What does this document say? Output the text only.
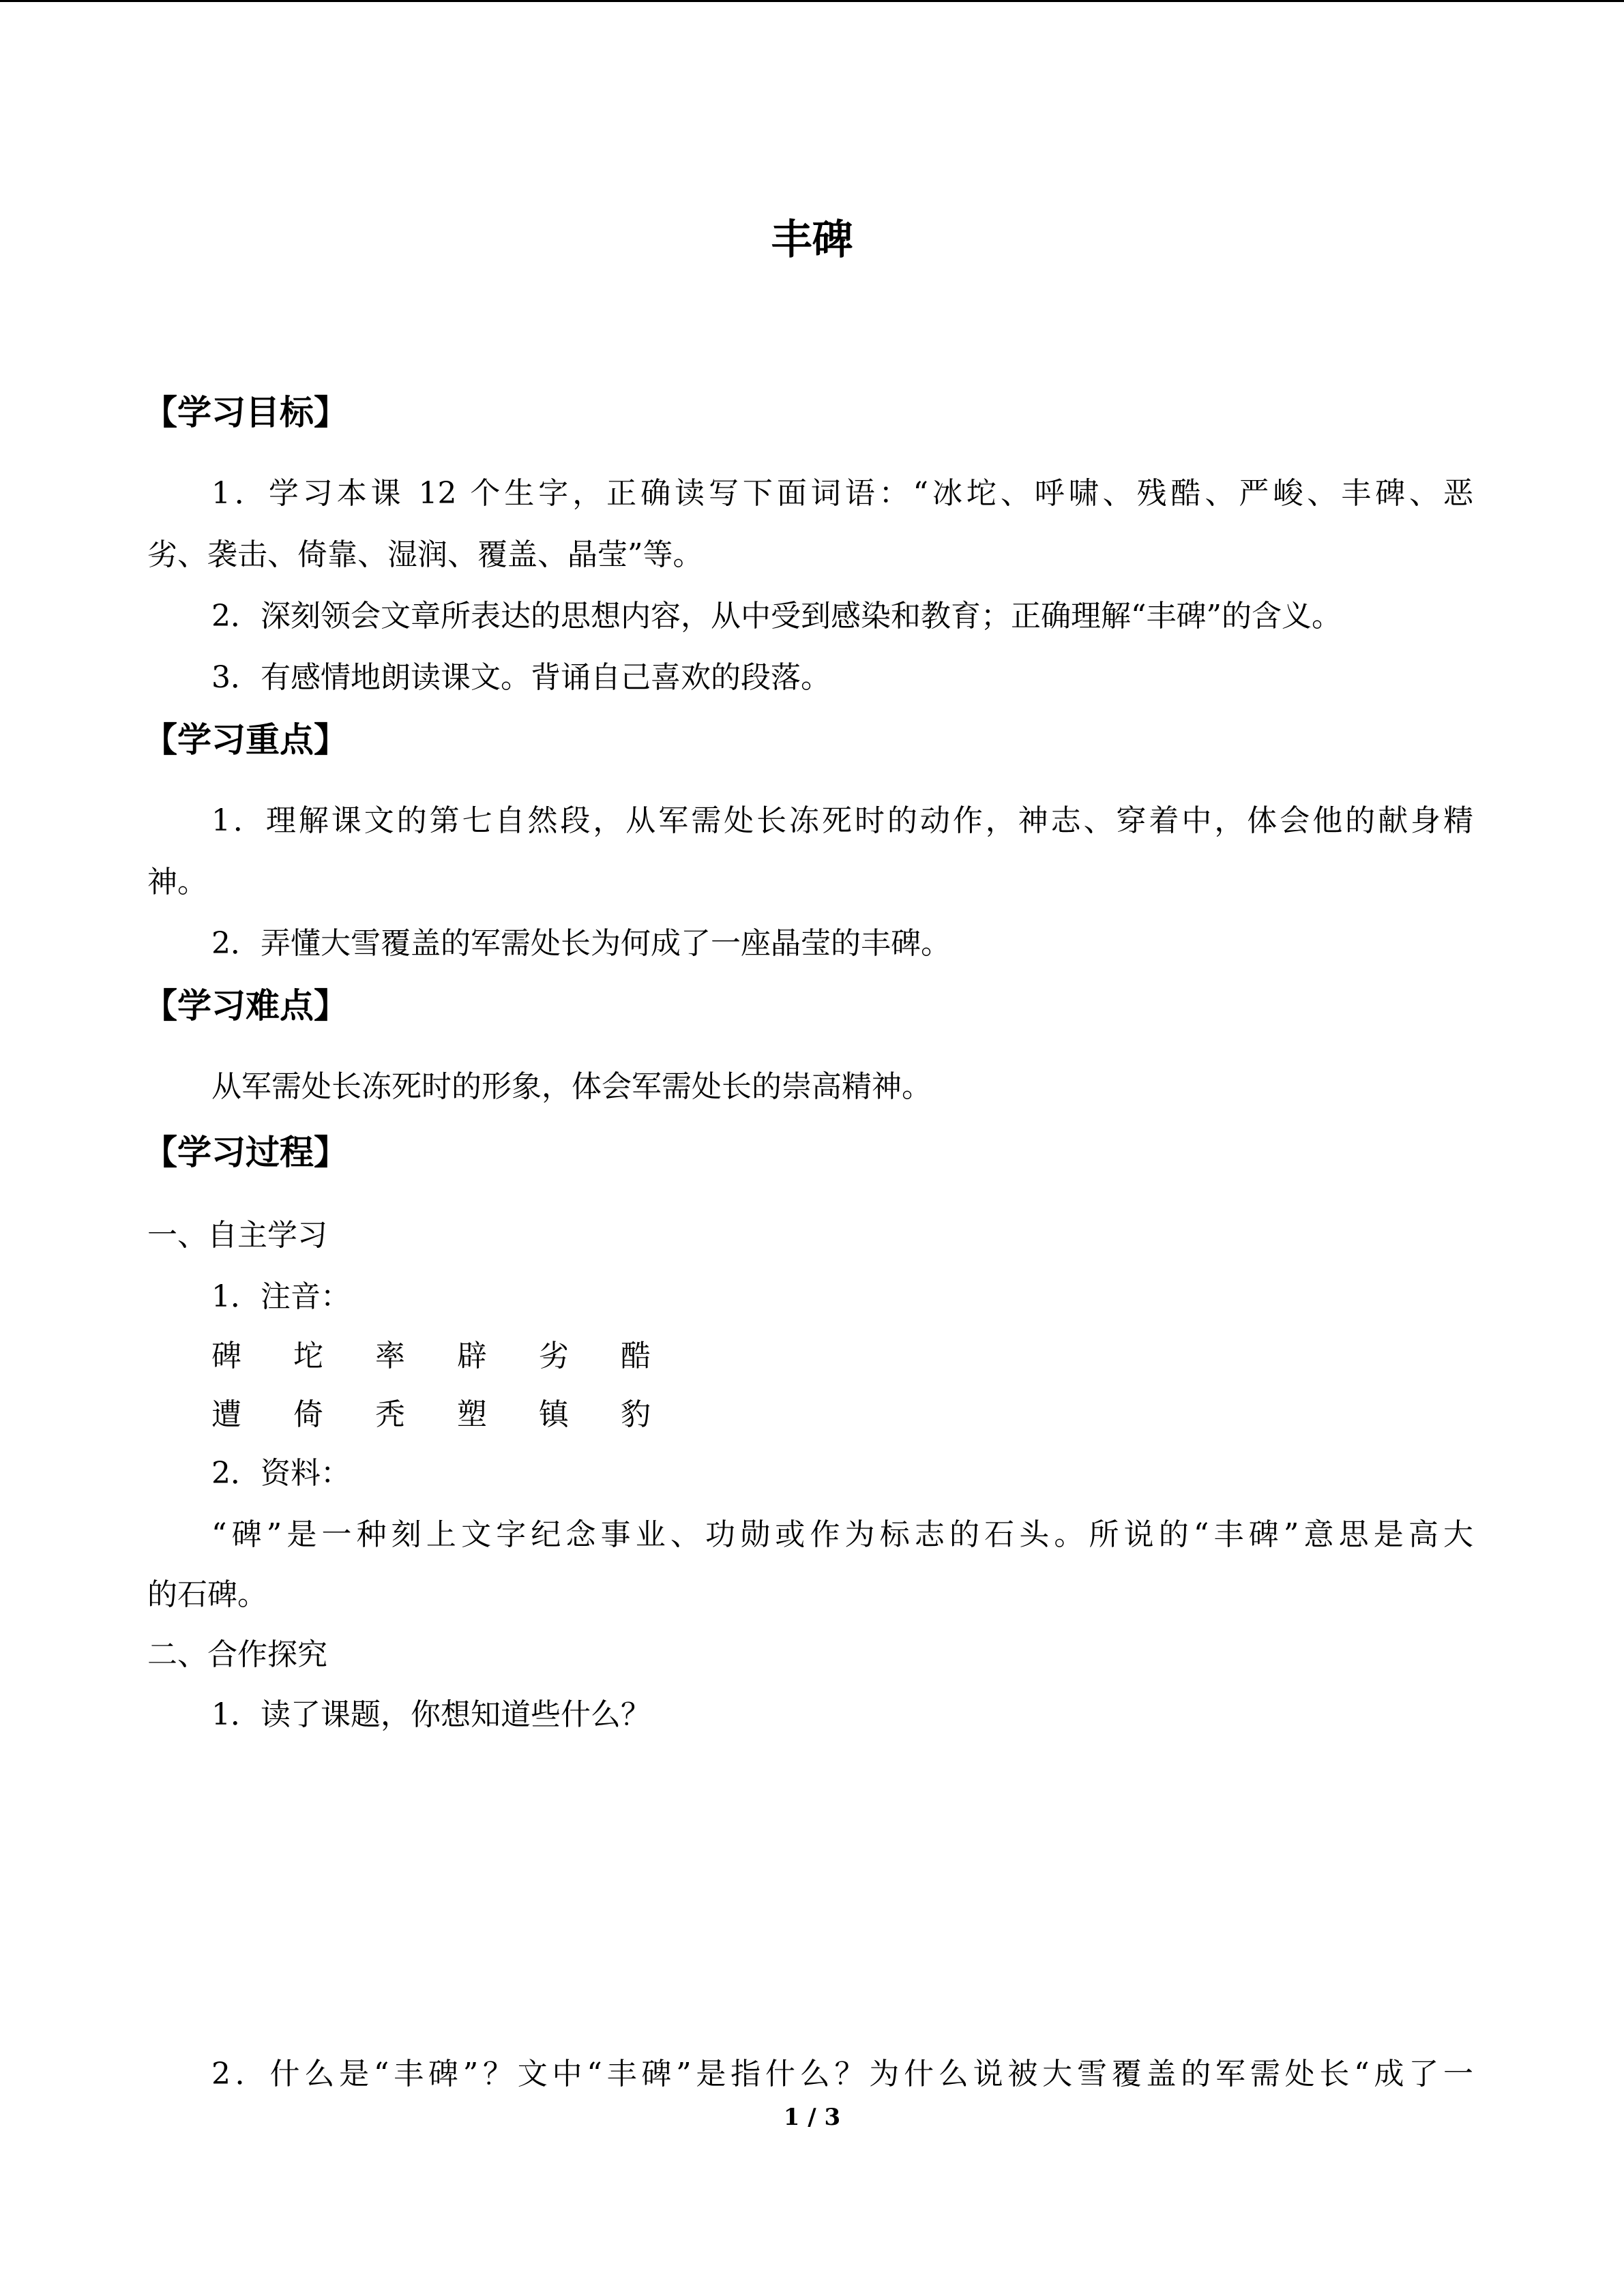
丰碑
【学习目标】
1．学习本课 12 个生字，正确读写下面词语：“冰坨、呼啸、残酷、严峻、丰碑、恶
劣、袭击、倚靠、湿润、覆盖、晶莹”等。
2．深刻领会文章所表达的思想内容，从中受到感染和教育；正确理解“丰碑”的含义。
3．有感情地朗读课文。背诵自己喜欢的段落。
【学习重点】
1．理解课文的第七自然段，从军需处长冻死时的动作，神志、穿着中，体会他的献身精
神。
2．弄懂大雪覆盖的军需处长为何成了一座晶莹的丰碑。
【学习难点】
从军需处长冻死时的形象，体会军需处长的崇高精神。
【学习过程】
一、自主学习
1．注音：
碑	坨	率	辟	劣	酷
遭	倚	秃	塑	镇	豹
2．资料：
“碑”是一种刻上文字纪念事业、功勋或作为标志的石头。所说的“丰碑”意思是高大
的石碑。
二、合作探究
1．读了课题，你想知道些什么？
2．什么是“丰碑”？文中“丰碑”是指什么？为什么说被大雪覆盖的军需处长“成了一
1 / 3
